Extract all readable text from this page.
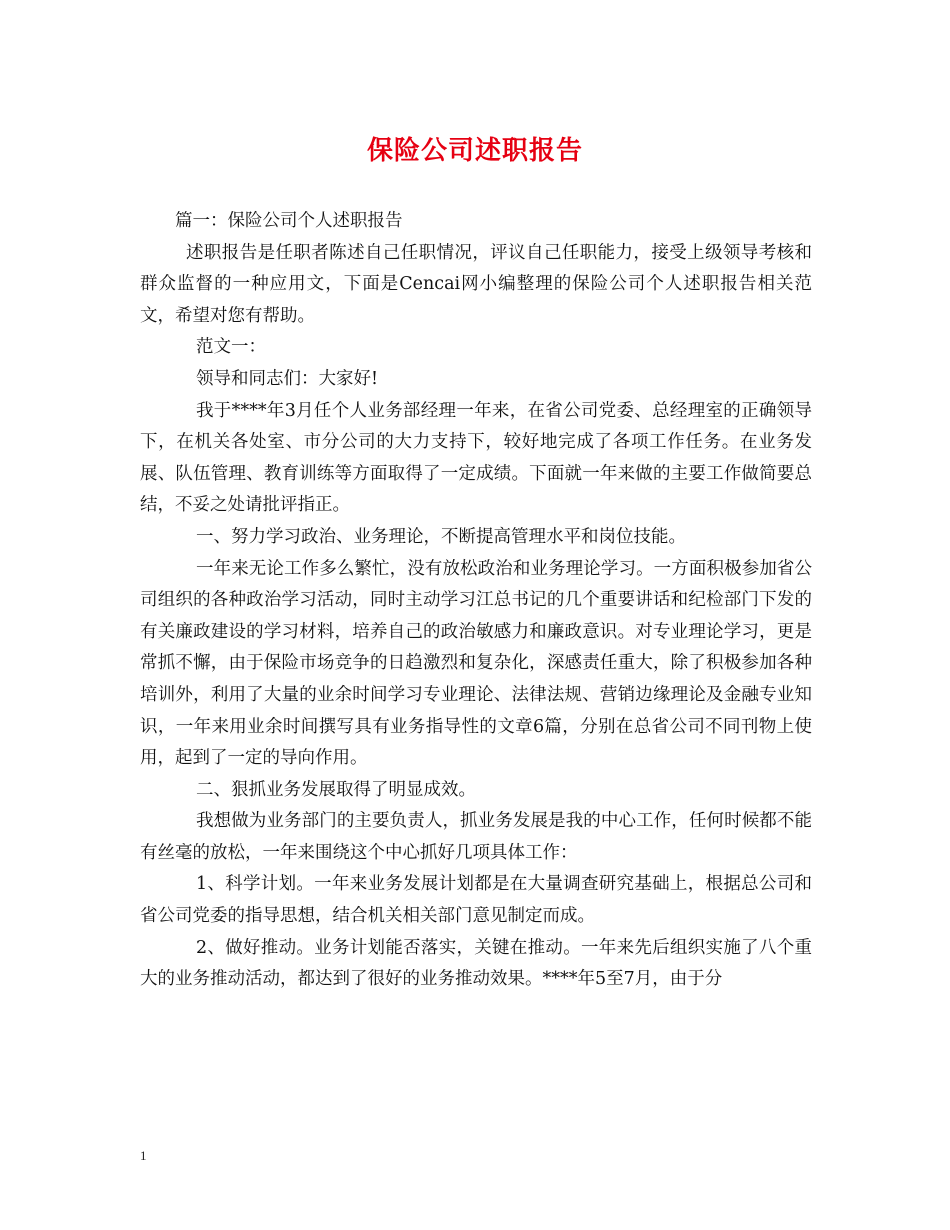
保险公司述职报告

篇一：保险公司个人述职报告

述职报告是任职者陈述自己任职情况，评议自己任职能力，接受上级领导考核和群众监督的一种应用文，下面是Cencai网小编整理的保险公司个人述职报告相关范文，希望对您有帮助。

范文一：

领导和同志们：大家好!

我于****年3月任个人业务部经理一年来，在省公司党委、总经理室的正确领导下，在机关各处室、市分公司的大力支持下，较好地完成了各项工作任务。在业务发展、队伍管理、教育训练等方面取得了一定成绩。下面就一年来做的主要工作做简要总结，不妥之处请批评指正。

一、努力学习政治、业务理论，不断提高管理水平和岗位技能。

一年来无论工作多么繁忙，没有放松政治和业务理论学习。一方面积极参加省公司组织的各种政治学习活动，同时主动学习江总书记的几个重要讲话和纪检部门下发的有关廉政建设的学习材料，培养自己的政治敏感力和廉政意识。对专业理论学习，更是常抓不懈，由于保险市场竞争的日趋激烈和复杂化，深感责任重大，除了积极参加各种培训外，利用了大量的业余时间学习专业理论、法律法规、营销边缘理论及金融专业知识，一年来用业余时间撰写具有业务指导性的文章6篇，分别在总省公司不同刊物上使用，起到了一定的导向作用。

二、狠抓业务发展取得了明显成效。

我想做为业务部门的主要负责人，抓业务发展是我的中心工作，任何时候都不能有丝毫的放松，一年来围绕这个中心抓好几项具体工作：

1、科学计划。一年来业务发展计划都是在大量调查研究基础上，根据总公司和省公司党委的指导思想，结合机关相关部门意见制定而成。

2、做好推动。业务计划能否落实，关键在推动。一年来先后组织实施了八个重大的业务推动活动，都达到了很好的业务推动效果。****年5至7月，由于分

1
